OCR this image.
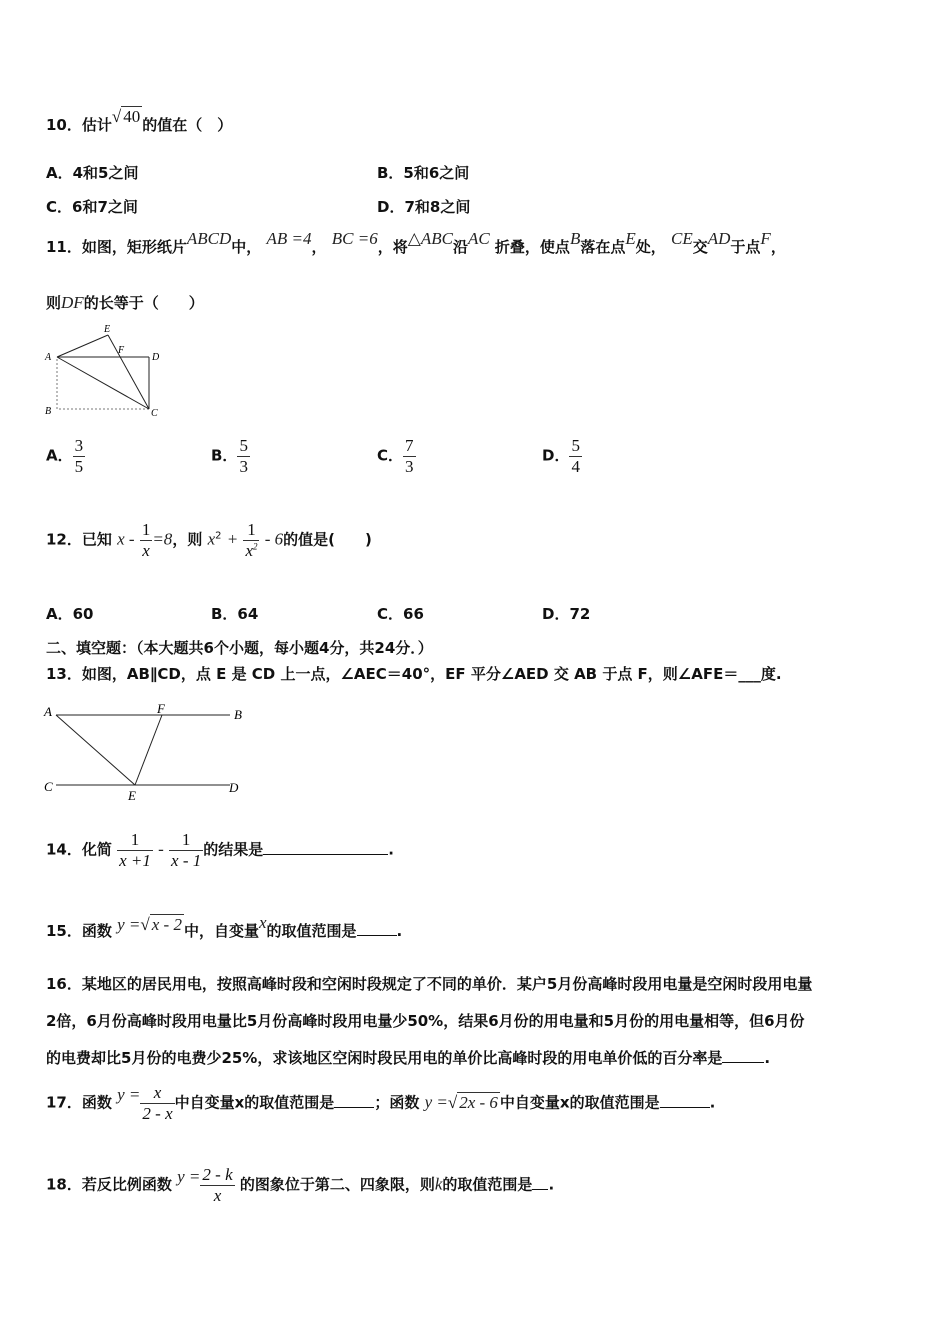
10．估计√ 40 的值在（　）
A．4和5之间	B．5和6之间
C．6和7之间	D．7和8之间
11．如图，矩形纸片ABCD中， AB =4， BC =6，将△ABC沿AC 折叠，使点B落在点E处， CE交AD于点F，
则DF的长等于（　　）
A
B	C
D
E
F
A． $\frac{3}{5}$	B． $\frac{5}{3}$	C． $\frac{7}{3}$	D． $\frac{5}{4}$
12．已知 $x - \frac{1}{x} =8$，则 $x^2 + \frac{1}{x^2} - 6$的值是(　　)
A．60	B．64	C．66	D．72
二、填空题：（本大题共6个小题，每小题4分，共24分．）
13．如图，AB∥CD，点 E 是 CD 上一点，∠AEC＝40°，EF 平分∠AED 交 AB 于点 F，则∠AFE＝___度.
A	B
C	D
E
F
14．化简 $\frac{1}{x +1} - \frac{1}{x - 1}$ 的结果是	.
15．函数 y =√ x - 2 中，自变量x的取值范围是	.
16．某地区的居民用电，按照高峰时段和空闲时段规定了不同的单价．某户5月份高峰时段用电量是空闲时段用电量
2倍，6月份高峰时段用电量比5月份高峰时段用电量少50%，结果6月份的用电量和5月份的用电量相等，但6月份
的电费却比5月份的电费少25%，求该地区空闲时段民用电的单价比高峰时段的用电单价低的百分率是	.
17．函数 $y = \frac{x}{2 - x}$ 中自变量x的取值范围是	；函数 y =√ 2x - 6 中自变量x的取值范围是	.
18．若反比例函数 $y = \frac{2 - k}{x}$ 的图象位于第二、四象限，则k的取值范围是 .
